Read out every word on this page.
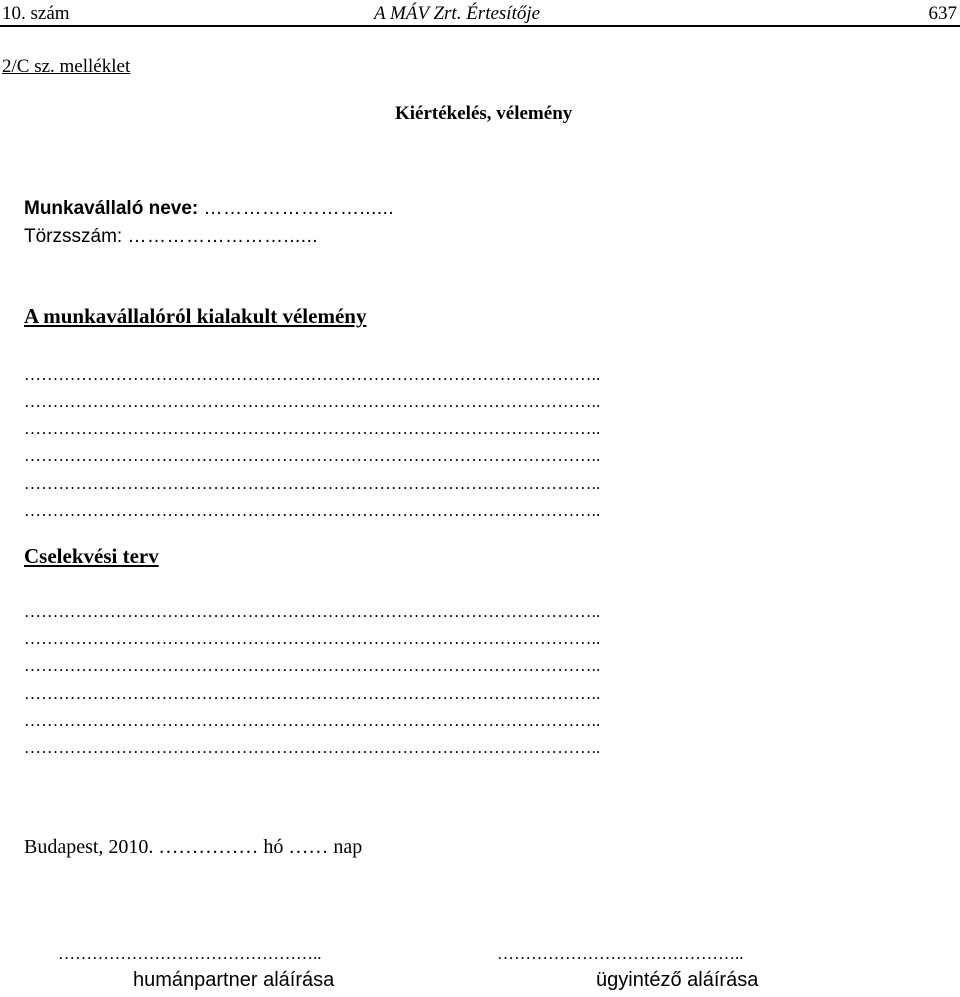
10. szám	A MÁV Zrt. Értesítője	637
2/C sz. melléklet
Kiértékelés, vélemény
Munkavállaló neve: ……………………......
Törzsszám: ……………………......
A munkavállalóról kialakult vélemény
………………………………………………………………………………………..
………………………………………………………………………………………..
………………………………………………………………………………………..
………………………………………………………………………………………..
………………………………………………………………………………………..
………………………………………………………………………………………..
Cselekvési terv
………………………………………………………………………………………..
………………………………………………………………………………………..
………………………………………………………………………………………..
………………………………………………………………………………………..
………………………………………………………………………………………..
………………………………………………………………………………………..
Budapest, 2010. …………… hó …… nap
………………………………………..	……………………………………..
humánpartner aláírása	ügyintéző aláírása
